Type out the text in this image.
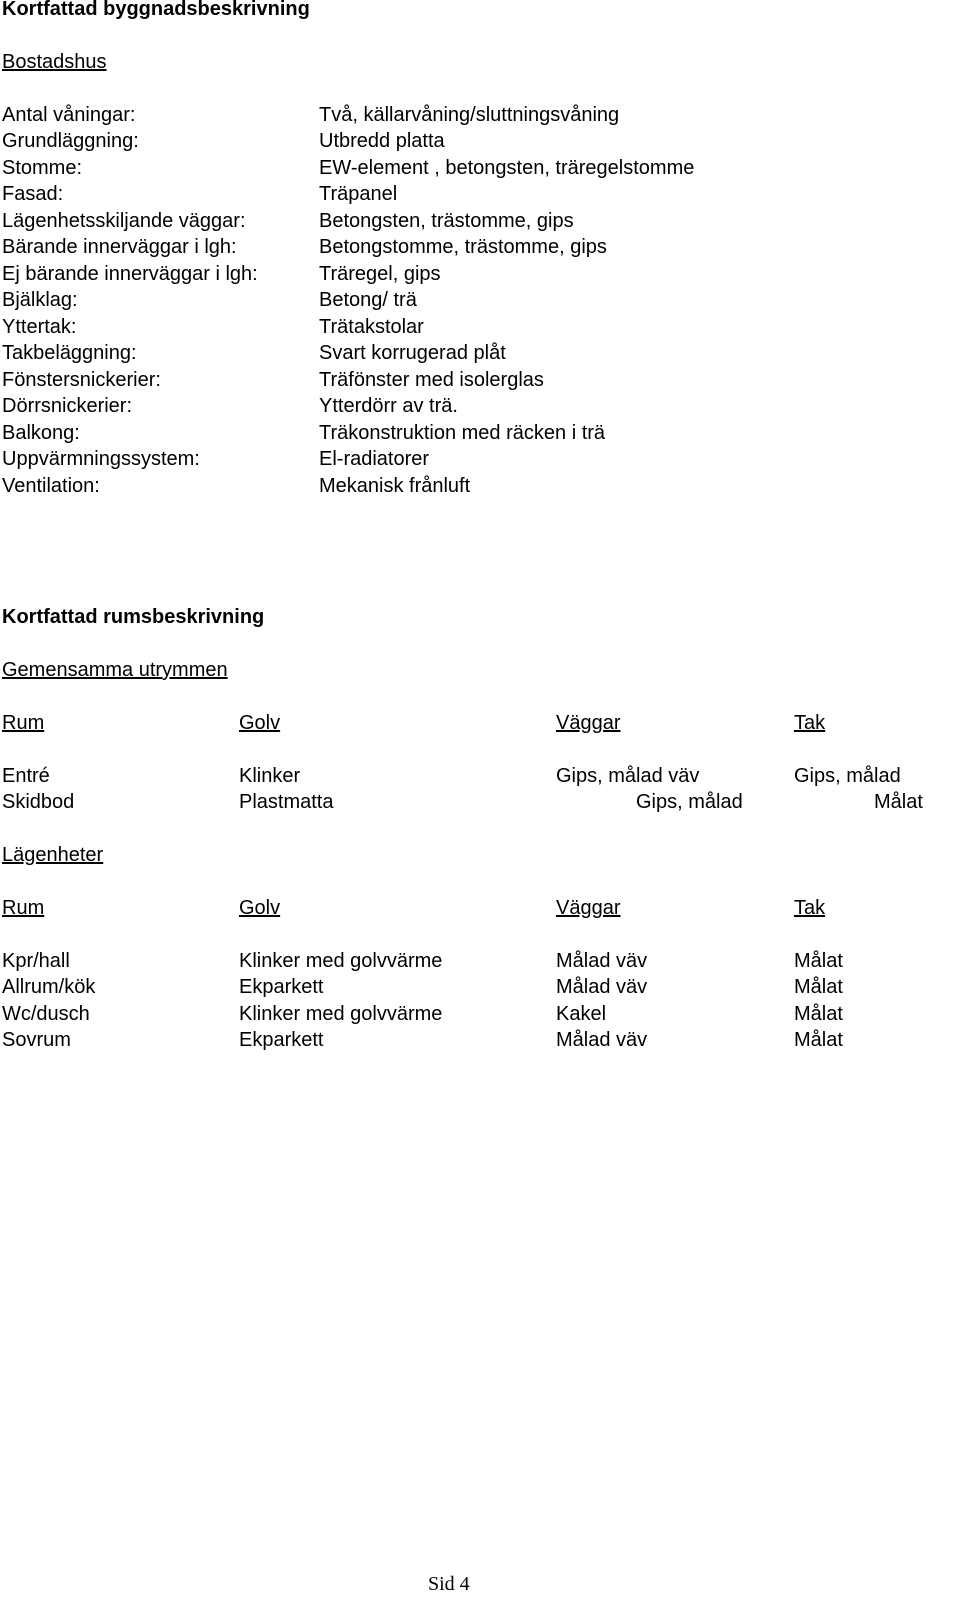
Kortfattad byggnadsbeskrivning
Bostadshus
Antal våningar:	Två, källarvåning/sluttningsvåning
Grundläggning:	Utbredd platta
Stomme:	EW-element , betongsten, träregelstomme
Fasad:	Träpanel
Lägenhetsskiljande väggar:	Betongsten, trästomme, gips
Bärande innerväggar i lgh:	Betongstomme, trästomme, gips
Ej bärande innerväggar i lgh:	Träregel, gips
Bjälklag:	Betong/ trä
Yttertak:	Trätakstolar
Takbeläggning:	Svart korrugerad plåt
Fönstersnickerier:	Träfönster med isolerglas
Dörrsnickerier:	Ytterdörr av trä.
Balkong:	Träkonstruktion med räcken i trä
Uppvärmningssystem:	El-radiatorer
Ventilation:	Mekanisk frånluft
Kortfattad rumsbeskrivning
Gemensamma utrymmen
Rum	Golv	Väggar	Tak
Entré	Klinker	Gips, målad väv	Gips, målad
Skidbod	Plastmatta	Gips, målad	Målat
Lägenheter
Rum	Golv	Väggar	Tak
Kpr/hall	Klinker med golvvärme	Målad väv	Målat
Allrum/kök	Ekparkett	Målad väv	Målat
Wc/dusch	Klinker med golvvärme	Kakel	Målat
Sovrum	Ekparkett	Målad väv	Målat
Sid 4
